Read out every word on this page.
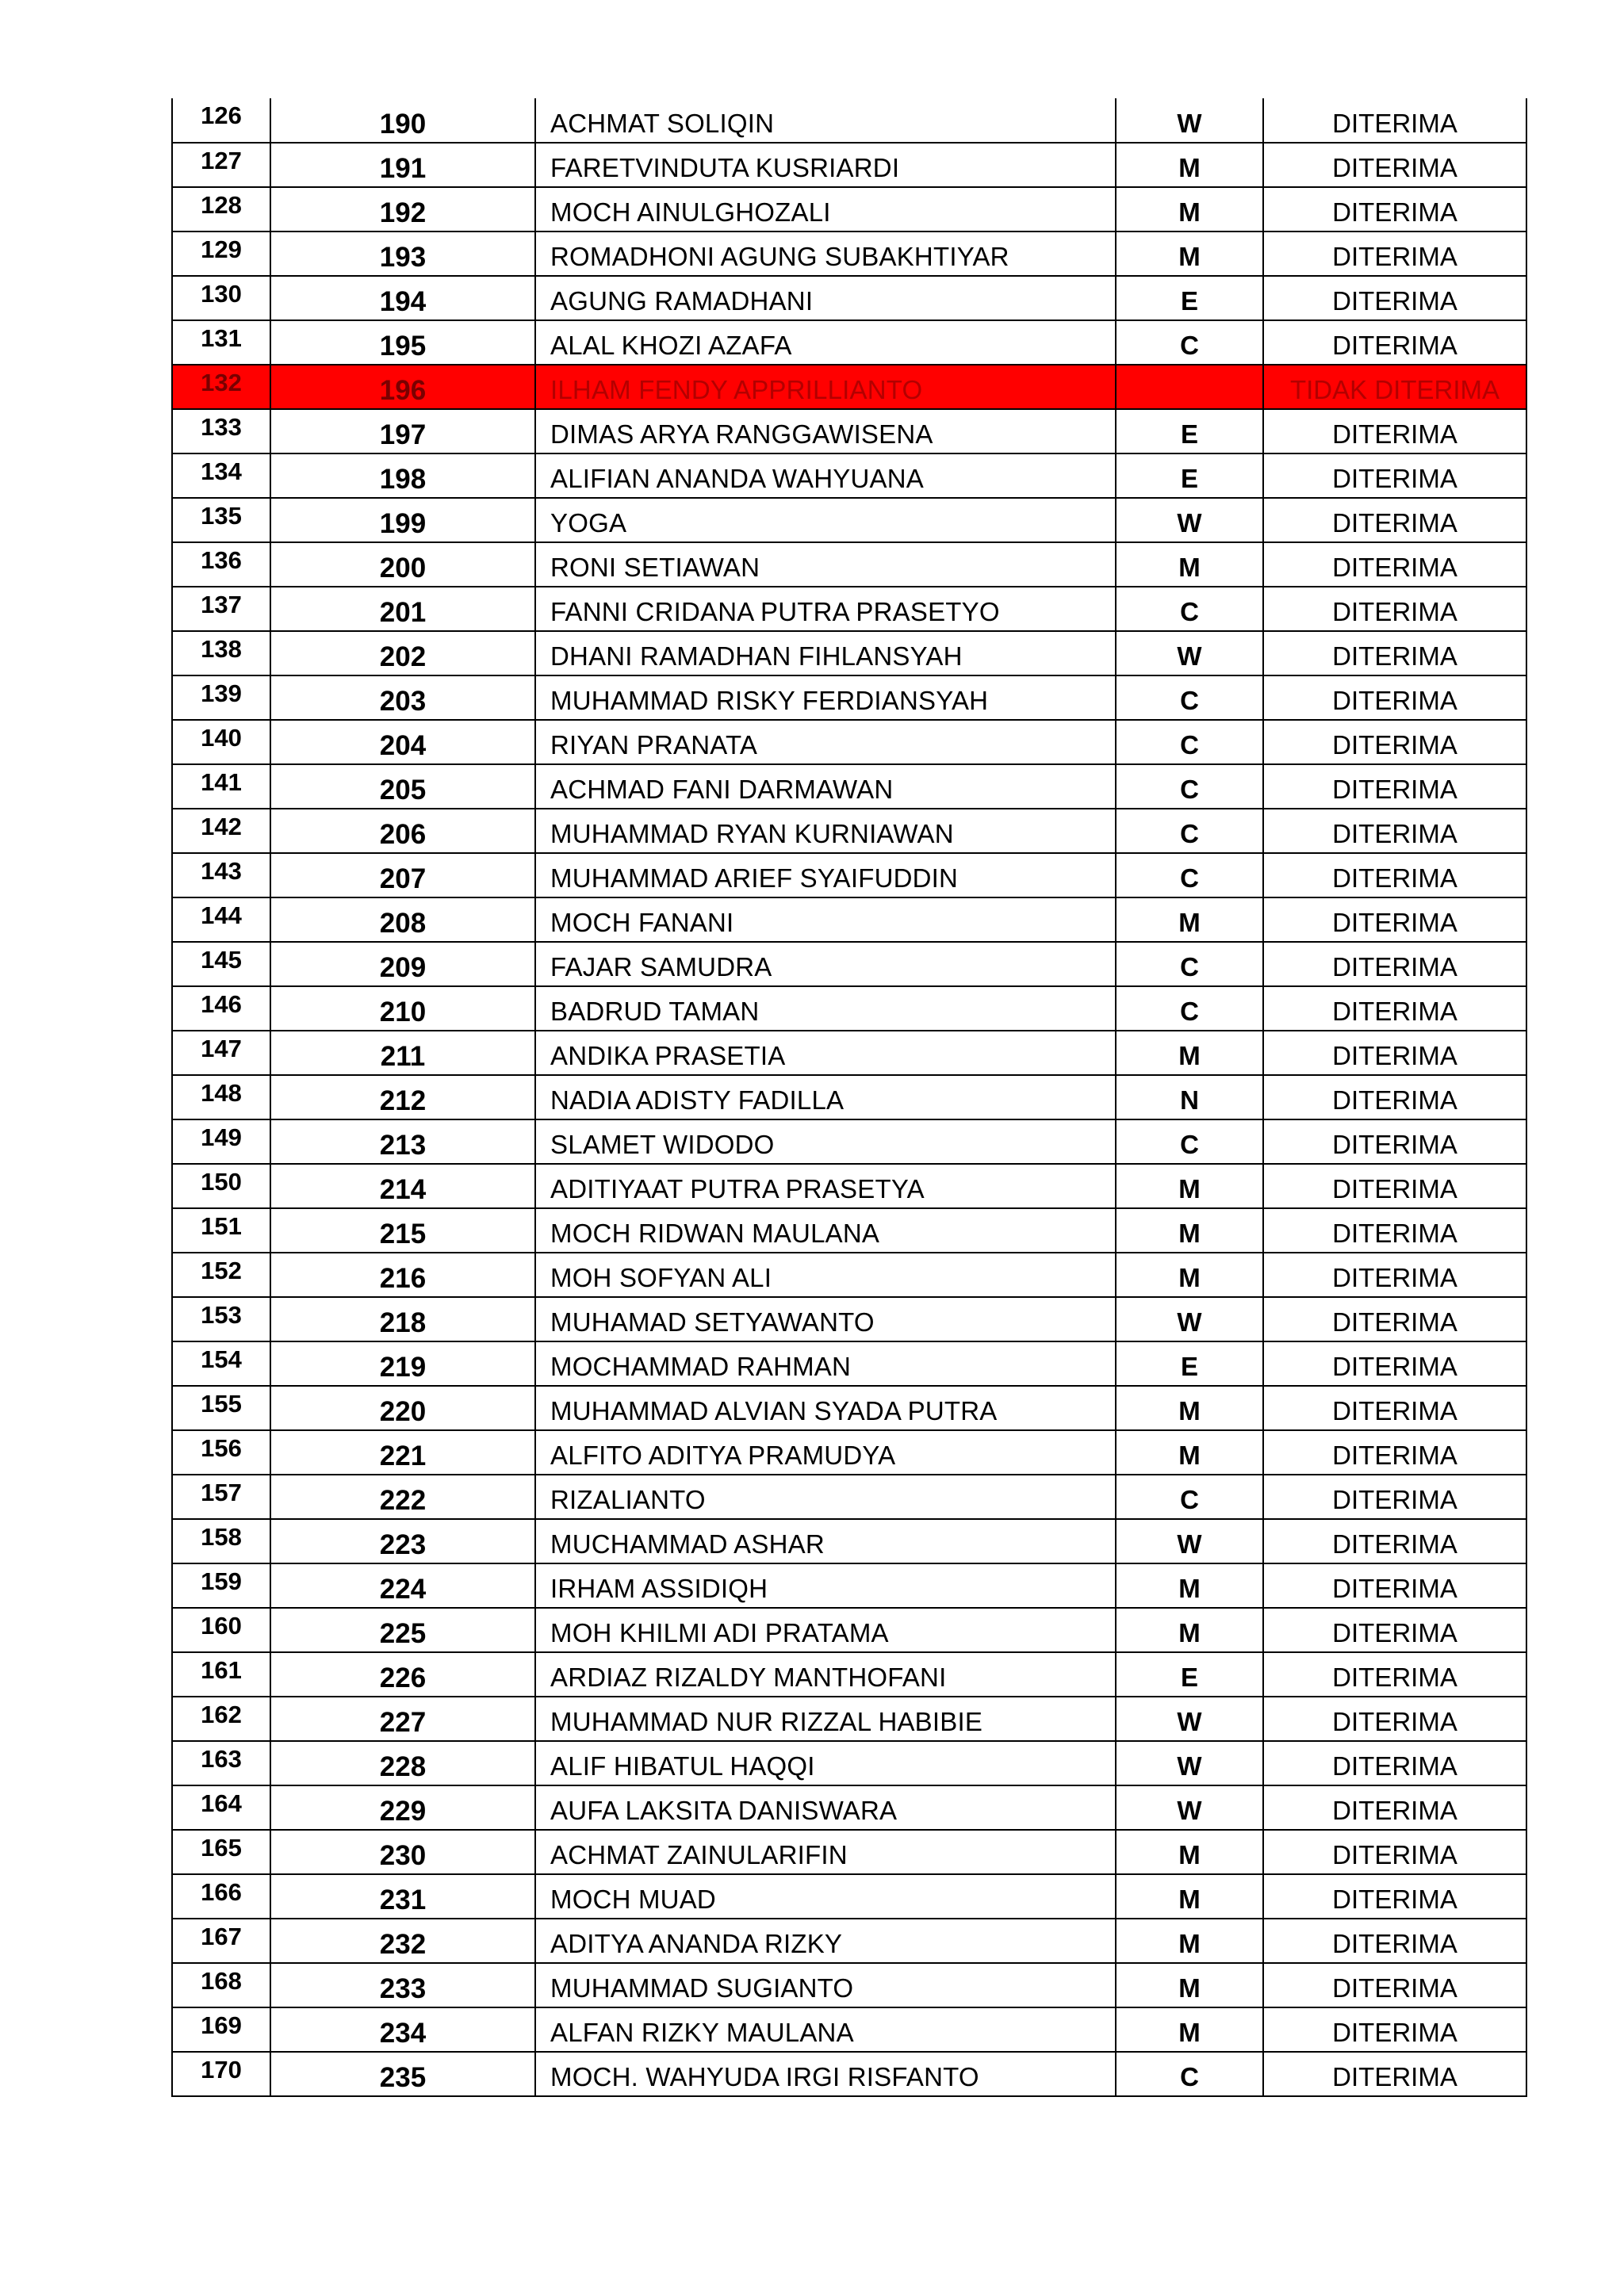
126	190	ACHMAT SOLIQIN	W	DITERIMA
127	191	FARETVINDUTA KUSRIARDI	M	DITERIMA
128	192	MOCH AINULGHOZALI	M	DITERIMA
129	193	ROMADHONI AGUNG SUBAKHTIYAR	M	DITERIMA
130	194	AGUNG RAMADHANI	E	DITERIMA
131	195	ALAL KHOZI AZAFA	C	DITERIMA
132	196	ILHAM FENDY APPRILLIANTO		TIDAK DITERIMA
133	197	DIMAS ARYA RANGGAWISENA	E	DITERIMA
134	198	ALIFIAN ANANDA WAHYUANA	E	DITERIMA
135	199	YOGA	W	DITERIMA
136	200	RONI SETIAWAN	M	DITERIMA
137	201	FANNI CRIDANA PUTRA PRASETYO	C	DITERIMA
138	202	DHANI RAMADHAN FIHLANSYAH	W	DITERIMA
139	203	MUHAMMAD RISKY FERDIANSYAH	C	DITERIMA
140	204	RIYAN PRANATA	C	DITERIMA
141	205	ACHMAD FANI DARMAWAN	C	DITERIMA
142	206	MUHAMMAD RYAN KURNIAWAN	C	DITERIMA
143	207	MUHAMMAD ARIEF SYAIFUDDIN	C	DITERIMA
144	208	MOCH FANANI	M	DITERIMA
145	209	FAJAR SAMUDRA	C	DITERIMA
146	210	BADRUD TAMAN	C	DITERIMA
147	211	ANDIKA PRASETIA	M	DITERIMA
148	212	NADIA ADISTY FADILLA	N	DITERIMA
149	213	SLAMET WIDODO	C	DITERIMA
150	214	ADITIYAAT PUTRA PRASETYA	M	DITERIMA
151	215	MOCH RIDWAN MAULANA	M	DITERIMA
152	216	MOH SOFYAN ALI	M	DITERIMA
153	218	MUHAMAD SETYAWANTO	W	DITERIMA
154	219	MOCHAMMAD RAHMAN	E	DITERIMA
155	220	MUHAMMAD ALVIAN SYADA PUTRA	M	DITERIMA
156	221	ALFITO ADITYA PRAMUDYA	M	DITERIMA
157	222	RIZALIANTO	C	DITERIMA
158	223	MUCHAMMAD ASHAR	W	DITERIMA
159	224	IRHAM ASSIDIQH	M	DITERIMA
160	225	MOH KHILMI ADI PRATAMA	M	DITERIMA
161	226	ARDIAZ RIZALDY MANTHOFANI	E	DITERIMA
162	227	MUHAMMAD NUR RIZZAL HABIBIE	W	DITERIMA
163	228	ALIF HIBATUL HAQQI	W	DITERIMA
164	229	AUFA LAKSITA DANISWARA	W	DITERIMA
165	230	ACHMAT ZAINULARIFIN	M	DITERIMA
166	231	MOCH MUAD	M	DITERIMA
167	232	ADITYA ANANDA RIZKY	M	DITERIMA
168	233	MUHAMMAD SUGIANTO	M	DITERIMA
169	234	ALFAN RIZKY MAULANA	M	DITERIMA
170	235	MOCH. WAHYUDA IRGI RISFANTO	C	DITERIMA
